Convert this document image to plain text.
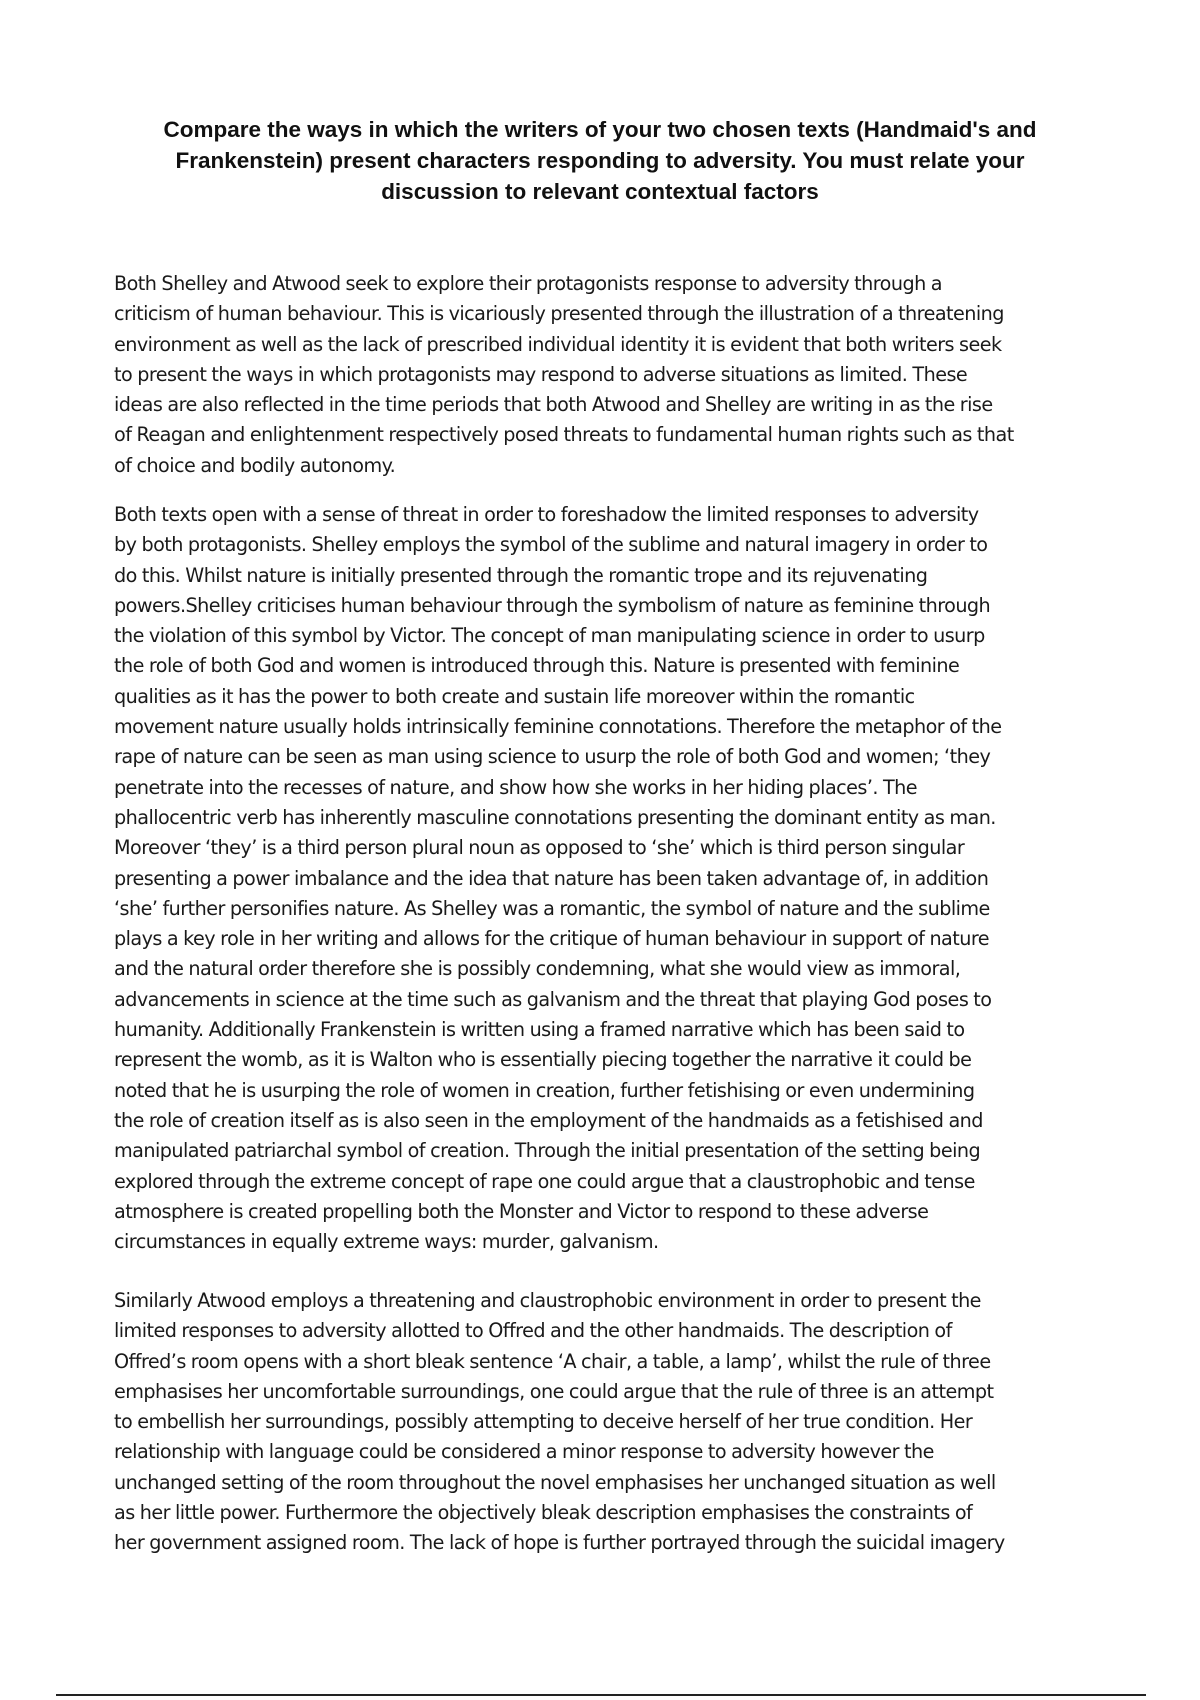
Compare the ways in which the writers of your two chosen texts (Handmaid's and
Frankenstein) present characters responding to adversity. You must relate your
discussion to relevant contextual factors

Both Shelley and Atwood seek to explore their protagonists response to adversity through a
criticism of human behaviour. This is vicariously presented through the illustration of a threatening
environment as well as the lack of prescribed individual identity it is evident that both writers seek
to present the ways in which protagonists may respond to adverse situations as limited. These
ideas are also reflected in the time periods that both Atwood and Shelley are writing in as the rise
of Reagan and enlightenment respectively posed threats to fundamental human rights such as that
of choice and bodily autonomy.

Both texts open with a sense of threat in order to foreshadow the limited responses to adversity
by both protagonists. Shelley employs the symbol of the sublime and natural imagery in order to
do this. Whilst nature is initially presented through the romantic trope and its rejuvenating
powers.Shelley criticises human behaviour through the symbolism of nature as feminine through
the violation of this symbol by Victor. The concept of man manipulating science in order to usurp
the role of both God and women is introduced through this. Nature is presented with feminine
qualities as it has the power to both create and sustain life moreover within the romantic
movement nature usually holds intrinsically feminine connotations. Therefore the metaphor of the
rape of nature can be seen as man using science to usurp the role of both God and women; ‘they
penetrate into the recesses of nature, and show how she works in her hiding places’. The
phallocentric verb has inherently masculine connotations presenting the dominant entity as man.
Moreover ‘they’ is a third person plural noun as opposed to ‘she’ which is third person singular
presenting a power imbalance and the idea that nature has been taken advantage of, in addition
‘she’ further personifies nature. As Shelley was a romantic, the symbol of nature and the sublime
plays a key role in her writing and allows for the critique of human behaviour in support of nature
and the natural order therefore she is possibly condemning, what she would view as immoral,
advancements in science at the time such as galvanism and the threat that playing God poses to
humanity. Additionally Frankenstein is written using a framed narrative which has been said to
represent the womb, as it is Walton who is essentially piecing together the narrative it could be
noted that he is usurping the role of women in creation, further fetishising or even undermining
the role of creation itself as is also seen in the employment of the handmaids as a fetishised and
manipulated patriarchal symbol of creation. Through the initial presentation of the setting being
explored through the extreme concept of rape one could argue that a claustrophobic and tense
atmosphere is created propelling both the Monster and Victor to respond to these adverse
circumstances in equally extreme ways: murder, galvanism.

Similarly Atwood employs a threatening and claustrophobic environment in order to present the
limited responses to adversity allotted to Offred and the other handmaids. The description of
Offred’s room opens with a short bleak sentence ‘A chair, a table, a lamp’, whilst the rule of three
emphasises her uncomfortable surroundings, one could argue that the rule of three is an attempt
to embellish her surroundings, possibly attempting to deceive herself of her true condition. Her
relationship with language could be considered a minor response to adversity however the
unchanged setting of the room throughout the novel emphasises her unchanged situation as well
as her little power. Furthermore the objectively bleak description emphasises the constraints of
her government assigned room. The lack of hope is further portrayed through the suicidal imagery
